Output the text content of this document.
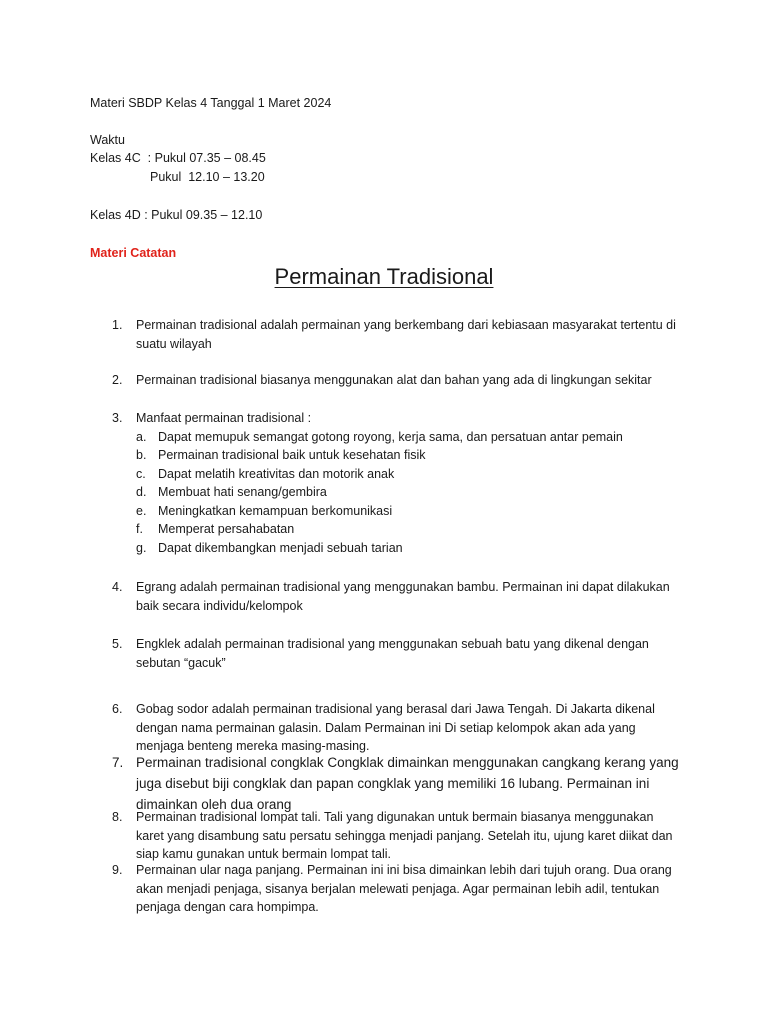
Materi SBDP Kelas 4 Tanggal 1 Maret 2024
Waktu
Kelas 4C  : Pukul 07.35 – 08.45
Pukul  12.10 – 13.20
Kelas 4D : Pukul 09.35 – 12.10
Materi Catatan
Permainan Tradisional
1.	Permainan tradisional adalah permainan yang berkembang dari kebiasaan masyarakat tertentu di suatu wilayah
2.	Permainan tradisional biasanya menggunakan alat dan bahan yang ada di lingkungan sekitar
3.	Manfaat permainan tradisional :
a. Dapat memupuk semangat gotong royong, kerja sama, dan persatuan antar pemain
b. Permainan tradisional baik untuk kesehatan fisik
c. Dapat melatih kreativitas dan motorik anak
d. Membuat hati senang/gembira
e. Meningkatkan kemampuan berkomunikasi
f. Memperat persahabatan
g. Dapat dikembangkan menjadi sebuah tarian
4.	Egrang adalah permainan tradisional yang menggunakan bambu. Permainan ini dapat dilakukan baik secara individu/kelompok
5.	Engklek adalah permainan tradisional yang menggunakan sebuah batu yang dikenal dengan sebutan “gacuk”
6.	Gobag sodor adalah permainan tradisional yang berasal dari Jawa Tengah. Di Jakarta dikenal dengan nama permainan galasin. Dalam Permainan ini Di setiap kelompok akan ada yang menjaga benteng mereka masing-masing.
7. Permainan tradisional congklak Congklak dimainkan menggunakan cangkang kerang yang juga disebut biji congklak dan papan congklak yang memiliki 16 lubang. Permainan ini dimainkan oleh dua orang
8.	Permainan tradisional lompat tali. Tali yang digunakan untuk bermain biasanya menggunakan karet yang disambung satu persatu sehingga menjadi panjang. Setelah itu, ujung karet diikat dan siap kamu gunakan untuk bermain lompat tali.
9.	Permainan ular naga panjang. Permainan ini ini bisa dimainkan lebih dari tujuh orang. Dua orang akan menjadi penjaga, sisanya berjalan melewati penjaga. Agar permainan lebih adil, tentukan penjaga dengan cara hompimpa.
